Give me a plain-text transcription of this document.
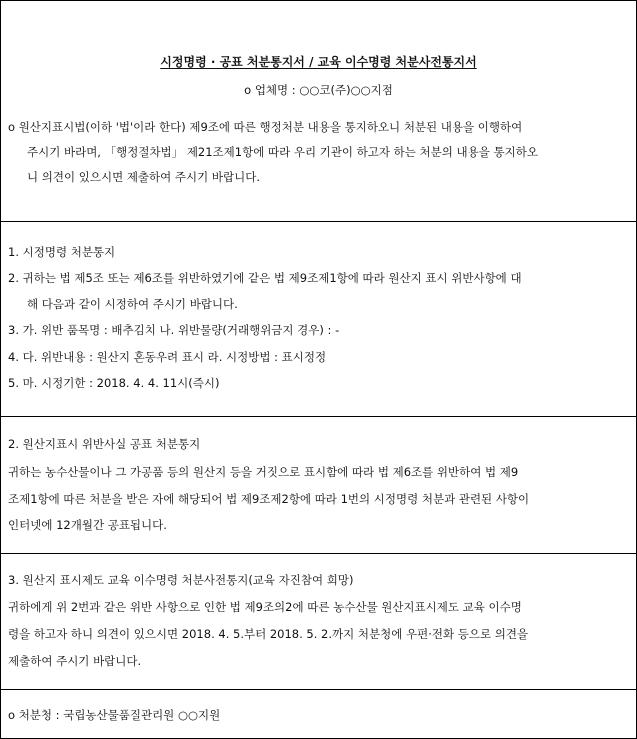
시정명령 · 공표 처분통지서 / 교육 이수명령 처분사전통지서
o 업체명 : ○○코(주)○○지점
o 원산지표시법(이하 '법'이라 한다) 제9조에 따른 행정처분 내용을 통지하오니 처분된 내용을 이행하여
주시기 바라며, 「행정절차법」 제21조제1항에 따라 우리 기관이 하고자 하는 처분의 내용을 통지하오
니 의견이 있으시면 제출하여 주시기 바랍니다.
1. 시정명령 처분통지
2. 귀하는 법 제5조 또는 제6조를 위반하였기에 같은 법 제9조제1항에 따라 원산지 표시 위반사항에 대
해 다음과 같이 시정하여 주시기 바랍니다.
3. 가. 위반 품목명 : 배추김치 나. 위반물량(거래행위금지 경우) : -
4. 다. 위반내용 : 원산지 혼동우려 표시 라. 시정방법 : 표시정정
5. 마. 시정기한 : 2018. 4. 4. 11시(즉시)
2. 원산지표시 위반사실 공표 처분통지
귀하는 농수산물이나 그 가공품 등의 원산지 등을 거짓으로 표시함에 따라 법 제6조를 위반하여 법 제9
조제1항에 따른 처분을 받은 자에 해당되어 법 제9조제2항에 따라 1번의 시정명령 처분과 관련된 사항이
인터넷에 12개월간 공표됩니다.
3. 원산지 표시제도 교육 이수명령 처분사전통지(교육 자진참여 희망)
귀하에게 위 2번과 같은 위반 사항으로 인한 법 제9조의2에 따른 농수산물 원산지표시제도 교육 이수명
령을 하고자 하니 의견이 있으시면 2018. 4. 5.부터 2018. 5. 2.까지 처분청에 우편·전화 등으로 의견을
제출하여 주시기 바랍니다.
o 처분청 : 국립농산물품질관리원 ○○지원
